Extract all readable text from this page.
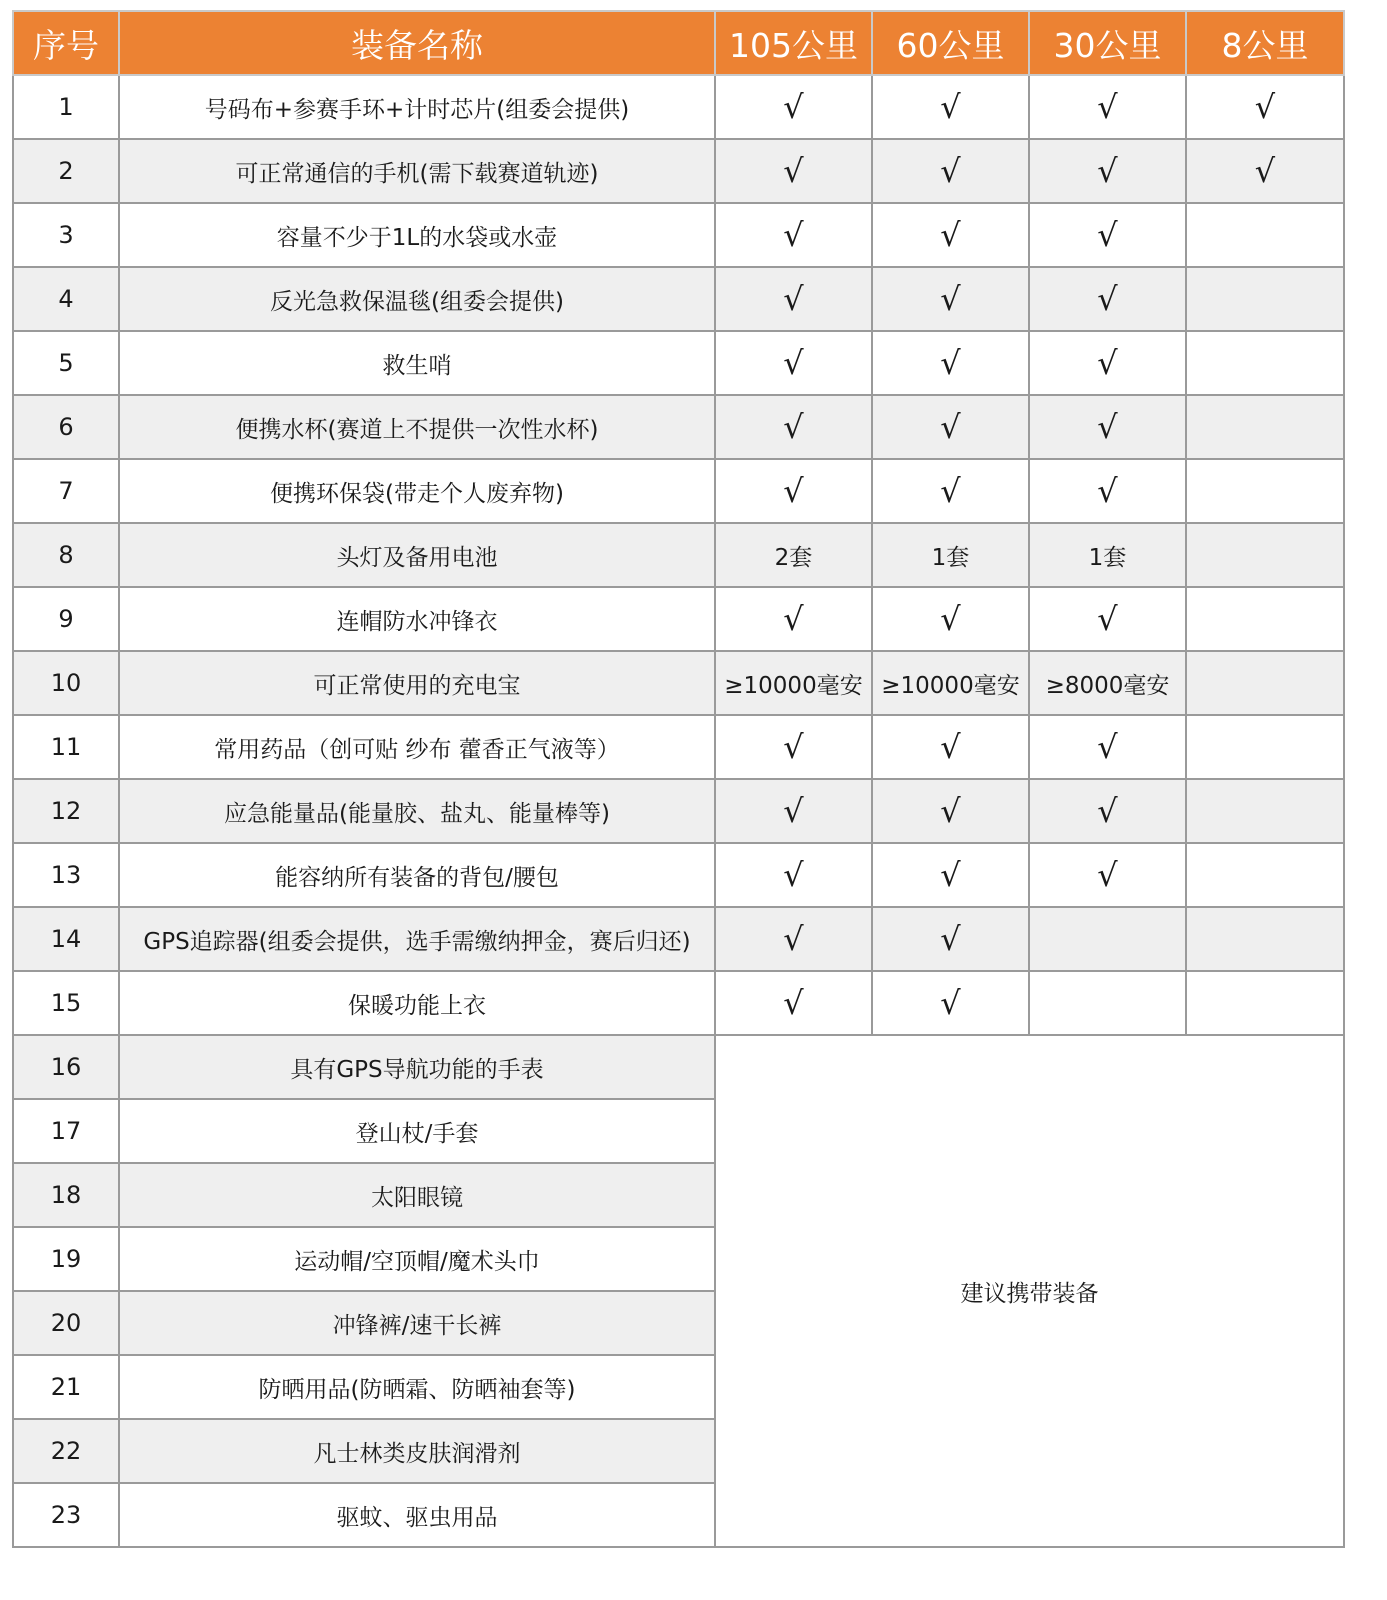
序号	装备名称	105公里	60公里	30公里	8公里
1	号码布+参赛手环+计时芯片(组委会提供)	√	√	√	√
2	可正常通信的手机(需下载赛道轨迹)	√	√	√	√
3	容量不少于1L的水袋或水壶	√	√	√	
4	反光急救保温毯(组委会提供)	√	√	√	
5	救生哨	√	√	√	
6	便携水杯(赛道上不提供一次性水杯)	√	√	√	
7	便携环保袋(带走个人废弃物)	√	√	√	
8	头灯及备用电池	2套	1套	1套	
9	连帽防水冲锋衣	√	√	√	
10	可正常使用的充电宝	≥10000毫安	≥10000毫安	≥8000毫安	
11	常用药品（创可贴 纱布 藿香正气液等）	√	√	√	
12	应急能量品(能量胶、盐丸、能量棒等)	√	√	√	
13	能容纳所有装备的背包/腰包	√	√	√	
14	GPS追踪器(组委会提供，选手需缴纳押金，赛后归还)	√	√		
15	保暖功能上衣	√	√		
16	具有GPS导航功能的手表	建议携带装备			
17	登山杖/手套				
18	太阳眼镜				
19	运动帽/空顶帽/魔术头巾				
20	冲锋裤/速干长裤				
21	防晒用品(防晒霜、防晒袖套等)				
22	凡士林类皮肤润滑剂				
23	驱蚊、驱虫用品				
